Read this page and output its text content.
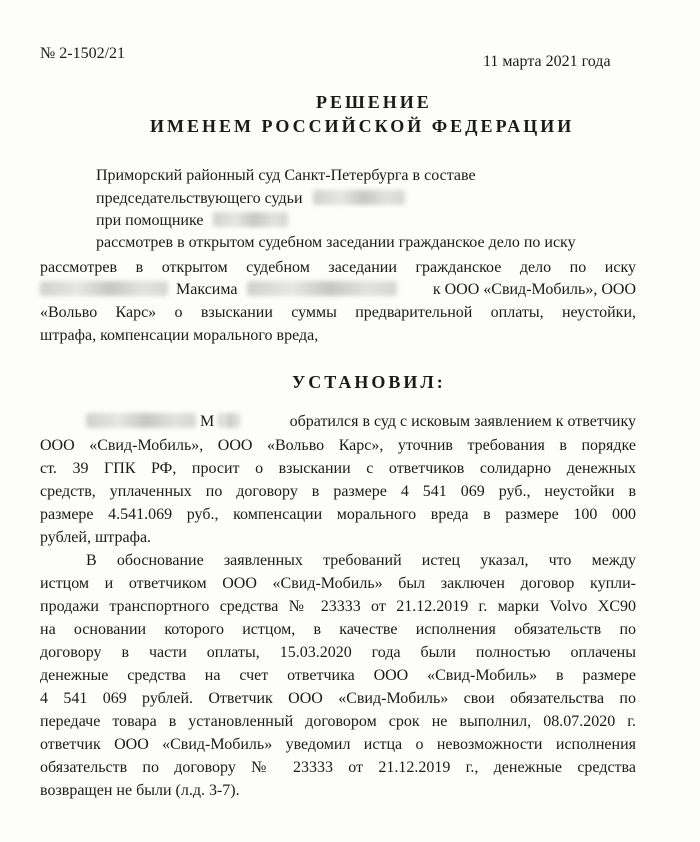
№ 2-1502/21	11 марта 2021 года
РЕШЕНИЕ
ИМЕНЕМ РОССИЙСКОЙ ФЕДЕРАЦИИ
Приморский районный суд Санкт-Петербурга в составе
председательствующего судьи
при помощнике
рассмотрев в открытом судебном заседании гражданское дело по иску
рассмотрев в открытом судебном заседании гражданское дело по иску
Максима	к ООО «Свид-Мобиль», ООО
«Вольво Карс» о взыскании суммы предварительной оплаты, неустойки,
штрафа, компенсации морального вреда,
УСТАНОВИЛ:
М	обратился в суд с исковым заявлением к ответчику
ООО «Свид-Мобиль», ООО «Вольво Карс», уточнив требования в порядке
ст. 39 ГПК РФ, просит о взыскании с ответчиков солидарно денежных
средств, уплаченных по договору в размере 4 541 069 руб., неустойки в
размере 4.541.069 руб., компенсации морального вреда в размере 100 000
рублей, штрафа.
В обоснование заявленных требований истец указал, что между
истцом и ответчиком ООО «Свид-Мобиль» был заключен договор купли-
продажи транспортного средства № 23333 от 21.12.2019 г. марки Volvo XC90
на основании которого истцом, в качестве исполнения обязательств по
договору в части оплаты, 15.03.2020 года были полностью оплачены
денежные средства на счет ответчика ООО «Свид-Мобиль» в размере
4 541 069 рублей. Ответчик ООО «Свид-Мобиль» свои обязательства по
передаче товара в установленный договором срок не выполнил, 08.07.2020 г.
ответчик ООО «Свид-Мобиль» уведомил истца о невозможности исполнения
обязательств по договору № 23333 от 21.12.2019 г., денежные средства
возвращен не были (л.д. 3-7).
